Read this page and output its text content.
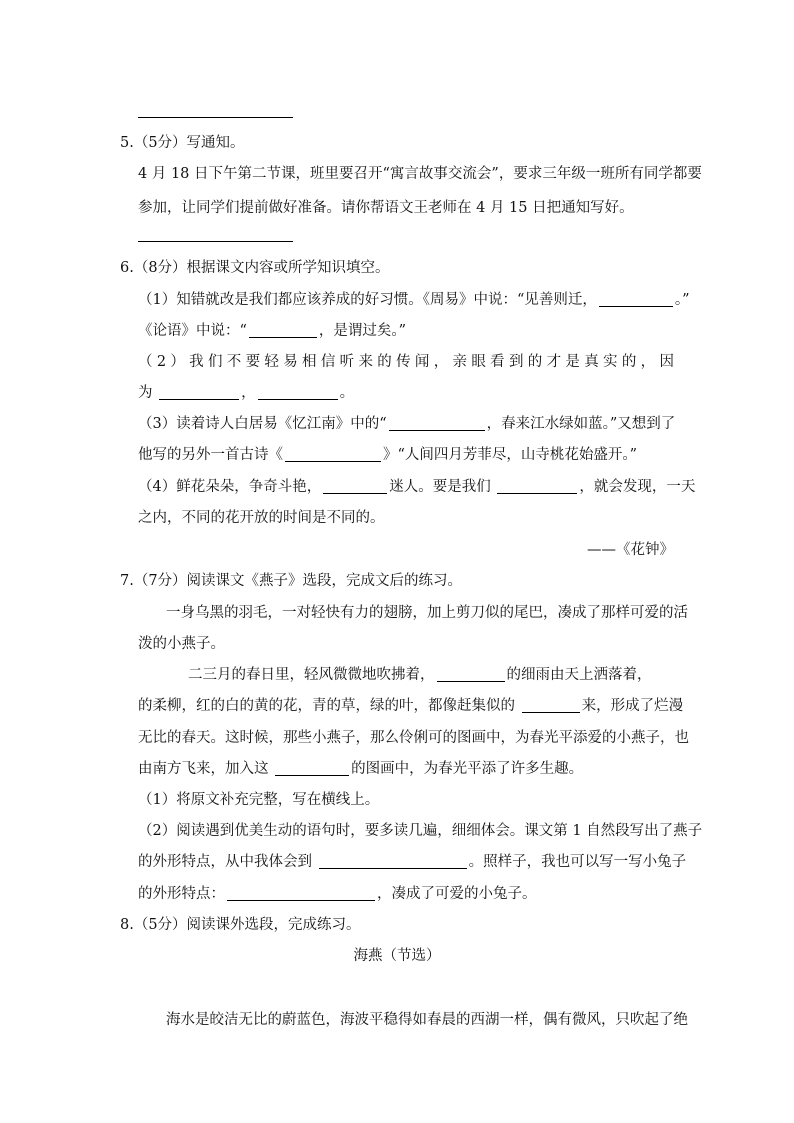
5.（5分）写通知。
4 月 18 日下午第二节课，班里要召开“寓言故事交流会”，要求三年级一班所有同学都要
参加，让同学们提前做好准备。请你帮语文王老师在 4 月 15 日把通知写好。
6.（8分）根据课文内容或所学知识填空。
（1）知错就改是我们都应该养成的好习惯。《周易》中说：“见善则迁，	。”
《论语》中说：“	，是谓过矣。”
（2）我们不要轻易相信听来的传闻，亲眼看到的才是真实的，因
为	，	。
（3）读着诗人白居易《忆江南》中的“	，春来江水绿如蓝。”又想到了
他写的另外一首古诗《	》“人间四月芳菲尽，山寺桃花始盛开。”
（4）鲜花朵朵，争奇斗艳，	迷人。要是我们	，就会发现，一天
之内，不同的花开放的时间是不同的。
——《花钟》
7.（7分）阅读课文《燕子》选段，完成文后的练习。
一身乌黑的羽毛，一对轻快有力的翅膀，加上剪刀似的尾巴，凑成了那样可爱的活
泼的小燕子。
二三月的春日里，轻风微微地吹拂着，	的细雨由天上洒落着，
的柔柳，红的白的黄的花，青的草，绿的叶，都像赶集似的	来，形成了烂漫
无比的春天。这时候，那些小燕子，那么伶俐可的图画中，为春光平添爱的小燕子，也
由南方飞来，加入这	的图画中，为春光平添了许多生趣。
（1）将原文补充完整，写在横线上。
（2）阅读遇到优美生动的语句时，要多读几遍，细细体会。课文第 1 自然段写出了燕子
的外形特点，从中我体会到	。照样子，我也可以写一写小兔子
的外形特点：	，凑成了可爱的小兔子。
8.（5分）阅读课外选段，完成练习。
海燕（节选）
海水是皎洁无比的蔚蓝色，海波平稳得如春晨的西湖一样，偶有微风，只吹起了绝
